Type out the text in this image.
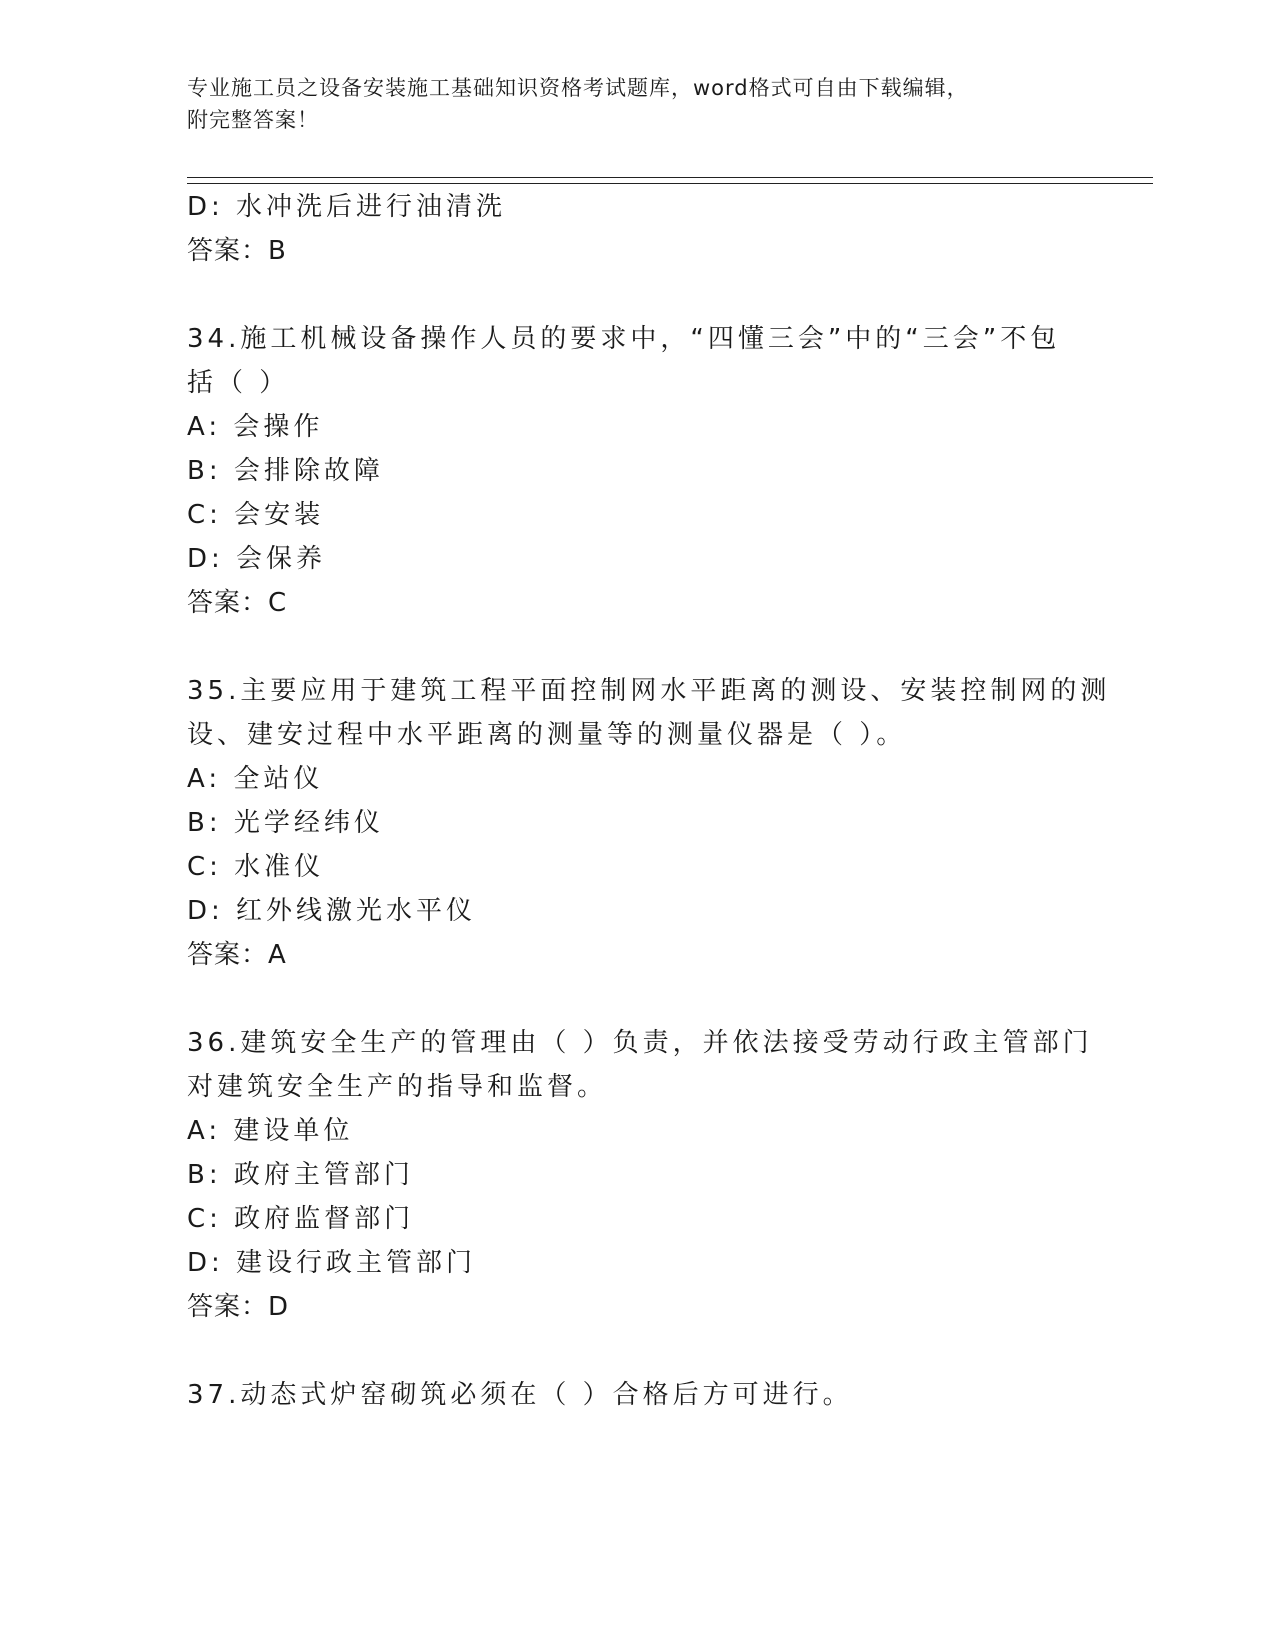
专业施工员之设备安装施工基础知识资格考试题库，word格式可自由下载编辑，
附完整答案！
D: 水冲洗后进行油清洗
答案：B
34.施工机械设备操作人员的要求中，“四懂三会”中的“三会”不包
括（ ）
A: 会操作
B: 会排除故障
C: 会安装
D: 会保养
答案：C
35.主要应用于建筑工程平面控制网水平距离的测设、安装控制网的测
设、建安过程中水平距离的测量等的测量仪器是（ ）。
A: 全站仪
B: 光学经纬仪
C: 水准仪
D: 红外线激光水平仪
答案：A
36.建筑安全生产的管理由（ ）负责，并依法接受劳动行政主管部门
对建筑安全生产的指导和监督。
A: 建设单位
B: 政府主管部门
C: 政府监督部门
D: 建设行政主管部门
答案：D
37.动态式炉窑砌筑必须在（ ）合格后方可进行。
